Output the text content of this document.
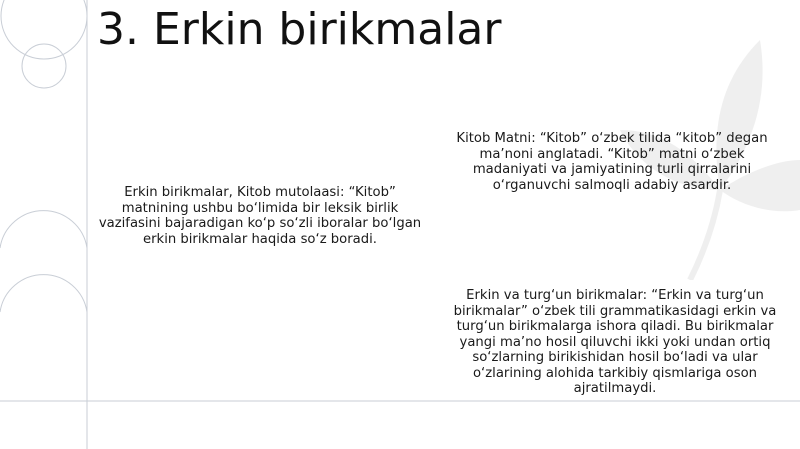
3. Erkin birikmalar

Erkin birikmalar, Kitob mutolaasi: “Kitob” matnining ushbu bo‘limida bir leksik birlik vazifasini bajaradigan ko‘p so‘zli iboralar bo‘lgan erkin birikmalar haqida so‘z boradi.

Kitob Matni: “Kitob” o‘zbek tilida “kitob” degan ma’noni anglatadi. “Kitob” matni o‘zbek madaniyati va jamiyatining turli qirralarini o‘rganuvchi salmoqli adabiy asardir.

Erkin va turg‘un birikmalar: “Erkin va turg‘un birikmalar” o‘zbek tili grammatikasidagi erkin va turg‘un birikmalarga ishora qiladi. Bu birikmalar yangi ma’no hosil qiluvchi ikki yoki undan ortiq so‘zlarning birikishidan hosil bo‘ladi va ular o‘zlarining alohida tarkibiy qismlariga oson ajratilmaydi.
